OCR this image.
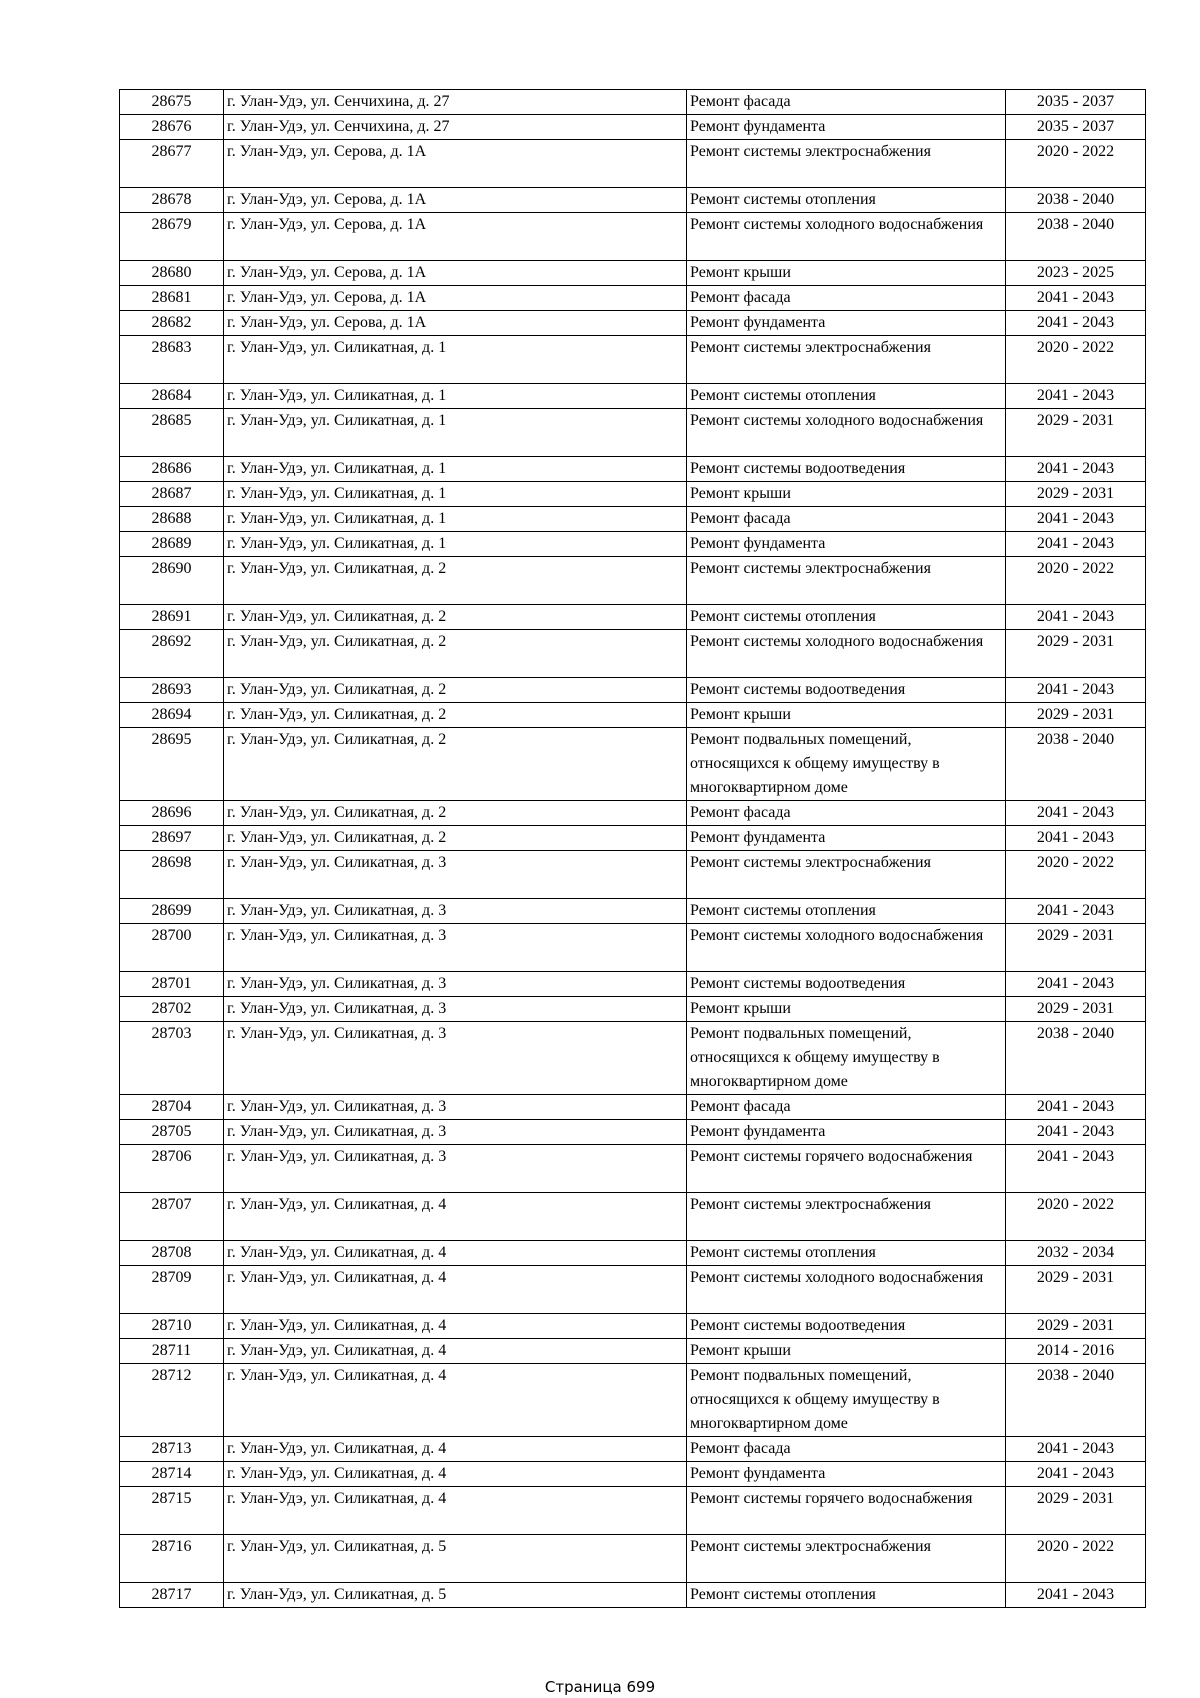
28675	г. Улан-Удэ, ул. Сенчихина, д. 27	Ремонт фасада	2035 - 2037
28676	г. Улан-Удэ, ул. Сенчихина, д. 27	Ремонт фундамента	2035 - 2037
28677	г. Улан-Удэ, ул. Серова, д. 1А	Ремонт системы электроснабжения	2020 - 2022
28678	г. Улан-Удэ, ул. Серова, д. 1А	Ремонт системы отопления	2038 - 2040
28679	г. Улан-Удэ, ул. Серова, д. 1А	Ремонт системы холодного водоснабжения	2038 - 2040
28680	г. Улан-Удэ, ул. Серова, д. 1А	Ремонт крыши	2023 - 2025
28681	г. Улан-Удэ, ул. Серова, д. 1А	Ремонт фасада	2041 - 2043
28682	г. Улан-Удэ, ул. Серова, д. 1А	Ремонт фундамента	2041 - 2043
28683	г. Улан-Удэ, ул. Силикатная, д. 1	Ремонт системы электроснабжения	2020 - 2022
28684	г. Улан-Удэ, ул. Силикатная, д. 1	Ремонт системы отопления	2041 - 2043
28685	г. Улан-Удэ, ул. Силикатная, д. 1	Ремонт системы холодного водоснабжения	2029 - 2031
28686	г. Улан-Удэ, ул. Силикатная, д. 1	Ремонт системы водоотведения	2041 - 2043
28687	г. Улан-Удэ, ул. Силикатная, д. 1	Ремонт крыши	2029 - 2031
28688	г. Улан-Удэ, ул. Силикатная, д. 1	Ремонт фасада	2041 - 2043
28689	г. Улан-Удэ, ул. Силикатная, д. 1	Ремонт фундамента	2041 - 2043
28690	г. Улан-Удэ, ул. Силикатная, д. 2	Ремонт системы электроснабжения	2020 - 2022
28691	г. Улан-Удэ, ул. Силикатная, д. 2	Ремонт системы отопления	2041 - 2043
28692	г. Улан-Удэ, ул. Силикатная, д. 2	Ремонт системы холодного водоснабжения	2029 - 2031
28693	г. Улан-Удэ, ул. Силикатная, д. 2	Ремонт системы водоотведения	2041 - 2043
28694	г. Улан-Удэ, ул. Силикатная, д. 2	Ремонт крыши	2029 - 2031
28695	г. Улан-Удэ, ул. Силикатная, д. 2	Ремонт подвальных помещений, относящихся к общему имуществу в многоквартирном доме	2038 - 2040
28696	г. Улан-Удэ, ул. Силикатная, д. 2	Ремонт фасада	2041 - 2043
28697	г. Улан-Удэ, ул. Силикатная, д. 2	Ремонт фундамента	2041 - 2043
28698	г. Улан-Удэ, ул. Силикатная, д. 3	Ремонт системы электроснабжения	2020 - 2022
28699	г. Улан-Удэ, ул. Силикатная, д. 3	Ремонт системы отопления	2041 - 2043
28700	г. Улан-Удэ, ул. Силикатная, д. 3	Ремонт системы холодного водоснабжения	2029 - 2031
28701	г. Улан-Удэ, ул. Силикатная, д. 3	Ремонт системы водоотведения	2041 - 2043
28702	г. Улан-Удэ, ул. Силикатная, д. 3	Ремонт крыши	2029 - 2031
28703	г. Улан-Удэ, ул. Силикатная, д. 3	Ремонт подвальных помещений, относящихся к общему имуществу в многоквартирном доме	2038 - 2040
28704	г. Улан-Удэ, ул. Силикатная, д. 3	Ремонт фасада	2041 - 2043
28705	г. Улан-Удэ, ул. Силикатная, д. 3	Ремонт фундамента	2041 - 2043
28706	г. Улан-Удэ, ул. Силикатная, д. 3	Ремонт системы горячего водоснабжения	2041 - 2043
28707	г. Улан-Удэ, ул. Силикатная, д. 4	Ремонт системы электроснабжения	2020 - 2022
28708	г. Улан-Удэ, ул. Силикатная, д. 4	Ремонт системы отопления	2032 - 2034
28709	г. Улан-Удэ, ул. Силикатная, д. 4	Ремонт системы холодного водоснабжения	2029 - 2031
28710	г. Улан-Удэ, ул. Силикатная, д. 4	Ремонт системы водоотведения	2029 - 2031
28711	г. Улан-Удэ, ул. Силикатная, д. 4	Ремонт крыши	2014 - 2016
28712	г. Улан-Удэ, ул. Силикатная, д. 4	Ремонт подвальных помещений, относящихся к общему имуществу в многоквартирном доме	2038 - 2040
28713	г. Улан-Удэ, ул. Силикатная, д. 4	Ремонт фасада	2041 - 2043
28714	г. Улан-Удэ, ул. Силикатная, д. 4	Ремонт фундамента	2041 - 2043
28715	г. Улан-Удэ, ул. Силикатная, д. 4	Ремонт системы горячего водоснабжения	2029 - 2031
28716	г. Улан-Удэ, ул. Силикатная, д. 5	Ремонт системы электроснабжения	2020 - 2022
28717	г. Улан-Удэ, ул. Силикатная, д. 5	Ремонт системы отопления	2041 - 2043
Страница 699
